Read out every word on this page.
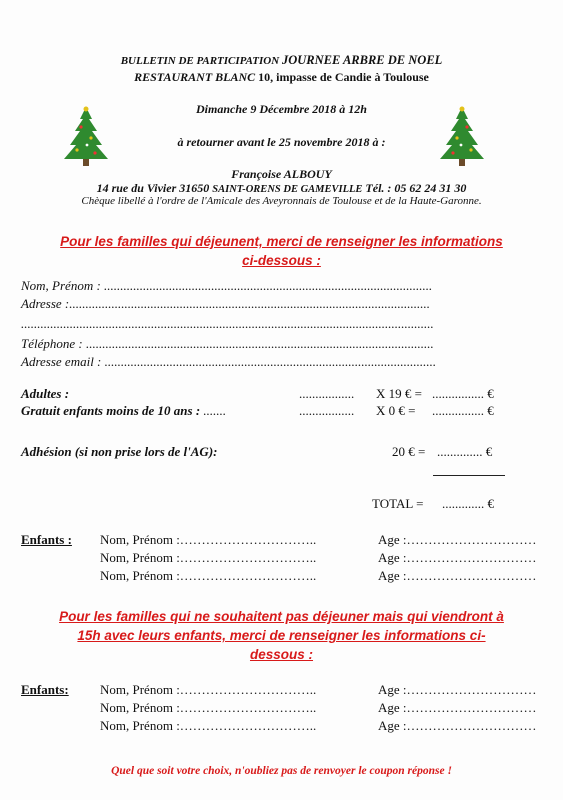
BULLETIN DE PARTICIPATION JOURNEE ARBRE DE NOEL
RESTAURANT BLANC 10, impasse de Candie à Toulouse
Dimanche 9 Décembre 2018 à 12h
à retourner avant le 25 novembre 2018 à :
Françoise ALBOUY
14 rue du Vivier 31650 SAINT-ORENS DE GAMEVILLE Tél. : 05 62 24 31 30
Chèque libellé à l'ordre de l'Amicale des Aveyronnais de Toulouse et de la Haute-Garonne.
Pour les familles qui déjeunent, merci de renseigner les informations
ci-dessous :
Nom, Prénom : .....................................................................................................
Adresse :...............................................................................................................
...............................................................................................................................
Téléphone : ...........................................................................................................
Adresse email : ......................................................................................................
Adultes :	................. X 19 € = ................ €
Gratuit enfants moins de 10 ans : .......	................. X 0 € = ................ €
Adhésion (si non prise lors de l'AG):	20 € = .............. €
TOTAL = ............. €
Enfants : Nom, Prénom :…………………………..	Age :…………………………
Nom, Prénom :…………………………..	Age :…………………………
Nom, Prénom :…………………………..	Age :…………………………
Pour les familles qui ne souhaitent pas déjeuner mais qui viendront à
15h avec leurs enfants, merci de renseigner les informations ci-
dessous :
Enfants: Nom, Prénom :…………………………..	Age :…………………………
Nom, Prénom :…………………………..	Age :…………………………
Nom, Prénom :…………………………..	Age :…………………………
Quel que soit votre choix, n'oubliez pas de renvoyer le coupon réponse !
